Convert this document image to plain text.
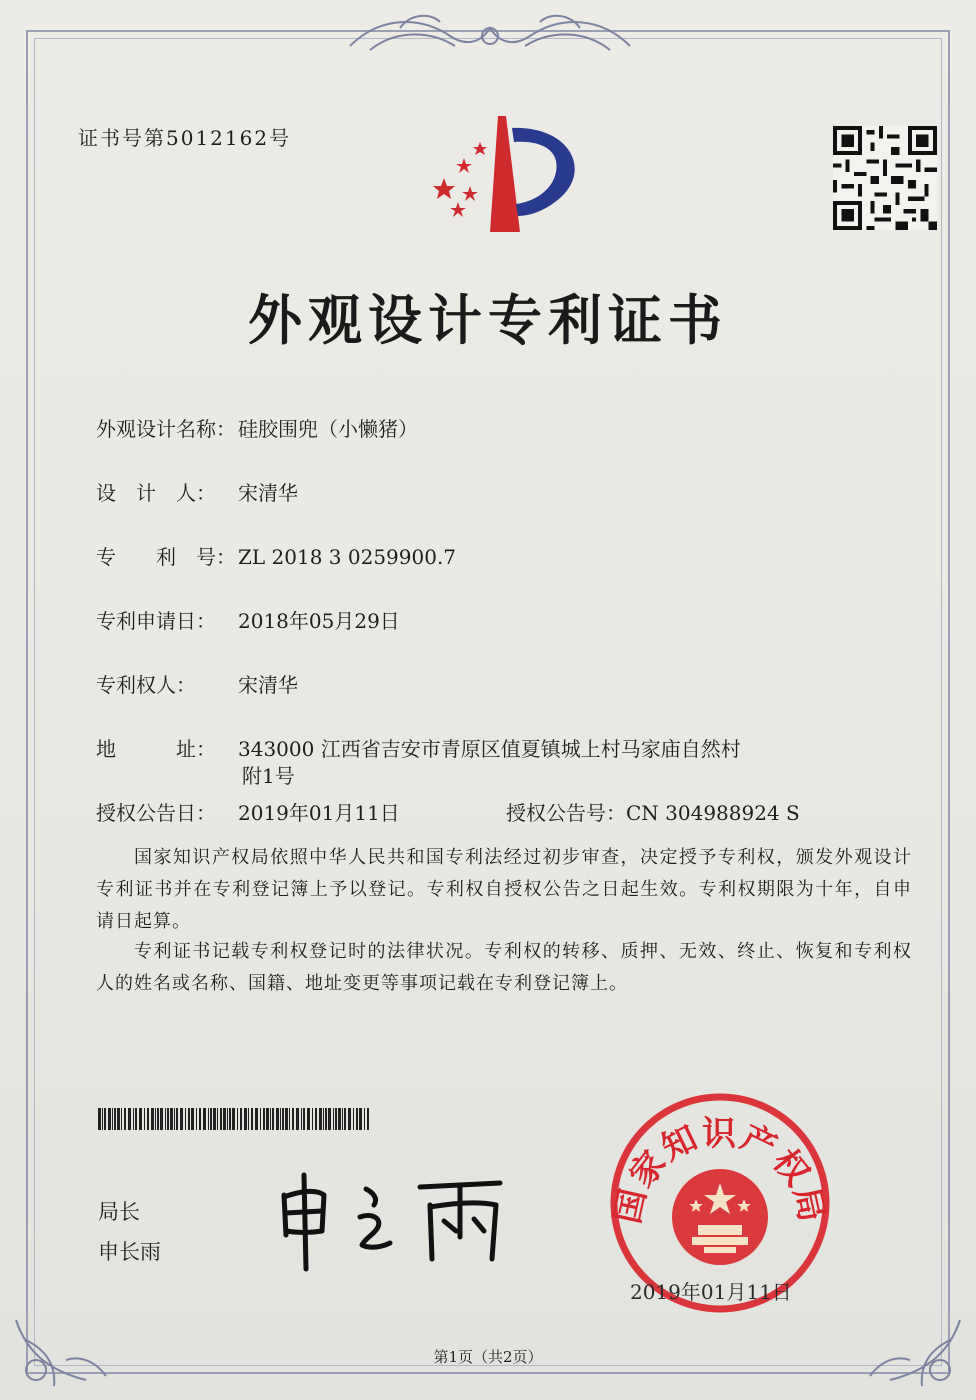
证书号第5012162号
外观设计专利证书
外观设计名称： 硅胶围兜（小懒猪）
设　计　人： 宋清华
专　　利　号： ZL 2018 3 0259900.7
专利申请日： 2018年05月29日
专利权人： 宋清华
地　　　址： 343000 江西省吉安市青原区值夏镇城上村马家庙自然村
附1号
授权公告日： 2019年01月11日	授权公告号：CN 304988924 S
国家知识产权局依照中华人民共和国专利法经过初步审查，决定授予专利权，颁发外观设计专利证书并在专利登记簿上予以登记。专利权自授权公告之日起生效。专利权期限为十年，自申请日起算。
专利证书记载专利权登记时的法律状况。专利权的转移、质押、无效、终止、恢复和专利权人的姓名或名称、国籍、地址变更等事项记载在专利登记簿上。
局长
申长雨
国家知识产权局
2019年01月11日
第1页（共2页）
